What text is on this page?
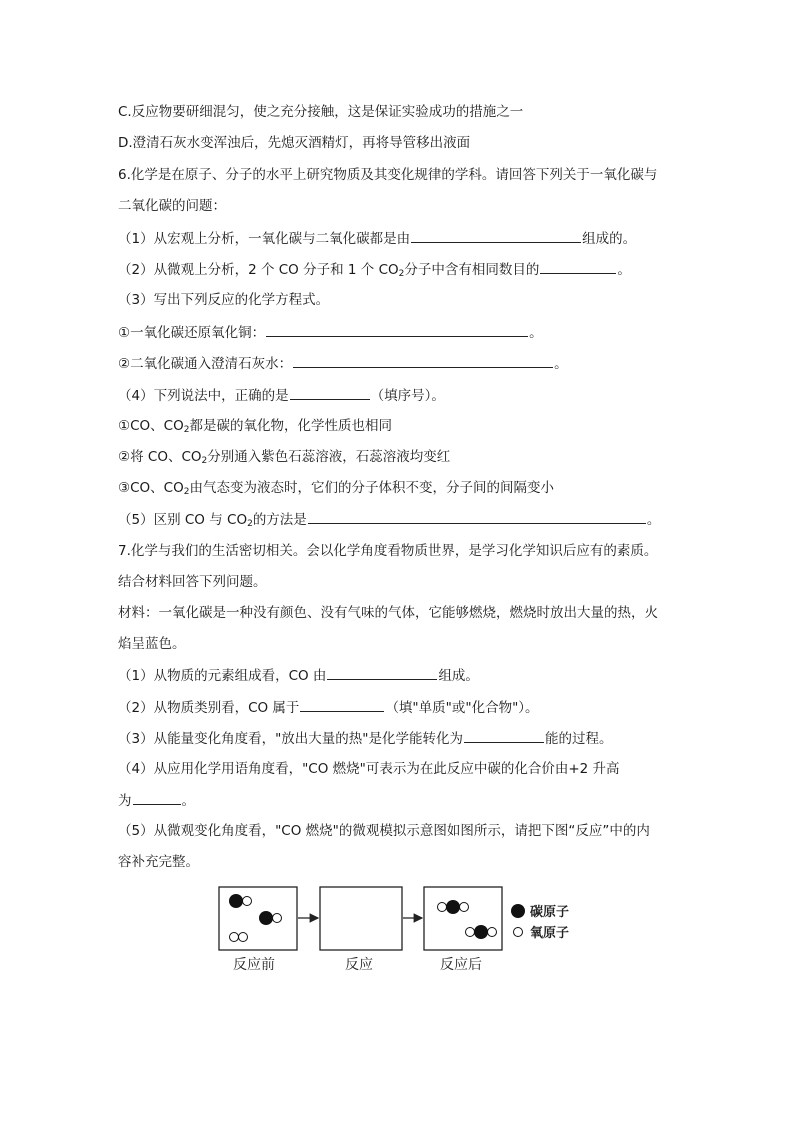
C.反应物要研细混匀，使之充分接触，这是保证实验成功的措施之一
D.澄清石灰水变浑浊后，先熄灭酒精灯，再将导管移出液面
6.化学是在原子、分子的水平上研究物质及其变化规律的学科。请回答下列关于一氧化碳与
二氧化碳的问题：
（1）从宏观上分析，一氧化碳与二氧化碳都是由	组成的。
（2）从微观上分析，2 个 CO 分子和 1 个 $CO_2$分子中含有相同数目的	。
（3）写出下列反应的化学方程式。
①一氧化碳还原氧化铜：	。
②二氧化碳通入澄清石灰水：	。
（4）下列说法中，正确的是	（填序号）。
①CO、$CO_2$都是碳的氧化物，化学性质也相同
②将 CO、$CO_2$分别通入紫色石蕊溶液，石蕊溶液均变红
③CO、$CO_2$由气态变为液态时，它们的分子体积不变，分子间的间隔变小
（5）区别 CO 与 $CO_2$的方法是	。
7.化学与我们的生活密切相关。会以化学角度看物质世界，是学习化学知识后应有的素质。
结合材料回答下列问题。
材料：一氧化碳是一种没有颜色、没有气味的气体，它能够燃烧，燃烧时放出大量的热，火
焰呈蓝色。
（1）从物质的元素组成看，CO 由	组成。
（2）从物质类别看，CO 属于	（填"单质"或"化合物"）。
（3）从能量变化角度看，"放出大量的热"是化学能转化为	能的过程。
（4）从应用化学用语角度看，"CO 燃烧"可表示为在此反应中碳的化合价由+2 升高
为	。
（5）从微观变化角度看，"CO 燃烧"的微观模拟示意图如图所示，请把下图“反应”中的内
容补充完整。
碳原子
氧原子
反应前	反应	反应后
